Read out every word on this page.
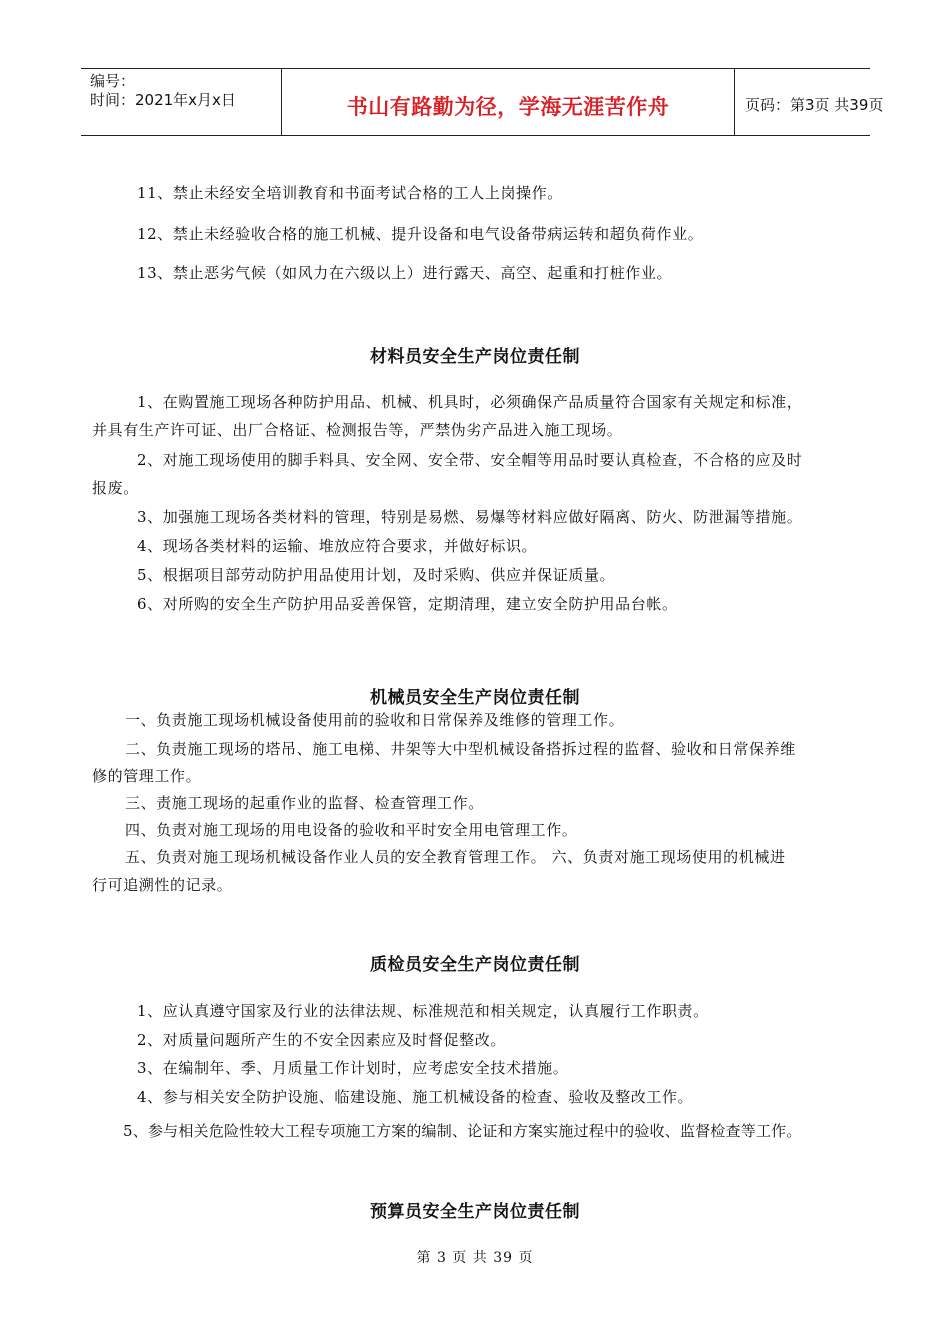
编号：
时间：2021年x月x日	书山有路勤为径，学海无涯苦作舟	页码：第3页 共39页
11、禁止未经安全培训教育和书面考试合格的工人上岗操作。
12、禁止未经验收合格的施工机械、提升设备和电气设备带病运转和超负荷作业。
13、禁止恶劣气候（如风力在六级以上）进行露天、高空、起重和打桩作业。
材料员安全生产岗位责任制
1、在购置施工现场各种防护用品、机械、机具时，必须确保产品质量符合国家有关规定和标准，
并具有生产许可证、出厂合格证、检测报告等，严禁伪劣产品进入施工现场。
2、对施工现场使用的脚手料具、安全网、安全带、安全帽等用品时要认真检查，不合格的应及时
报废。
3、加强施工现场各类材料的管理，特别是易燃、易爆等材料应做好隔离、防火、防泄漏等措施。
4、现场各类材料的运输、堆放应符合要求，并做好标识。
5、根据项目部劳动防护用品使用计划，及时采购、供应并保证质量。
6、对所购的安全生产防护用品妥善保管，定期清理，建立安全防护用品台帐。
机械员安全生产岗位责任制
一、负责施工现场机械设备使用前的验收和日常保养及维修的管理工作。
二、负责施工现场的塔吊、施工电梯、井架等大中型机械设备搭拆过程的监督、验收和日常保养维
修的管理工作。
三、责施工现场的起重作业的监督、检查管理工作。
四、负责对施工现场的用电设备的验收和平时安全用电管理工作。
五、负责对施工现场机械设备作业人员的安全教育管理工作。 六、负责对施工现场使用的机械进
行可追溯性的记录。
质检员安全生产岗位责任制
1、应认真遵守国家及行业的法律法规、标准规范和相关规定，认真履行工作职责。
2、对质量问题所产生的不安全因素应及时督促整改。
3、在编制年、季、月质量工作计划时，应考虑安全技术措施。
4、参与相关安全防护设施、临建设施、施工机械设备的检查、验收及整改工作。
5、参与相关危险性较大工程专项施工方案的编制、论证和方案实施过程中的验收、监督检查等工作。
预算员安全生产岗位责任制
第 3 页 共 39 页
